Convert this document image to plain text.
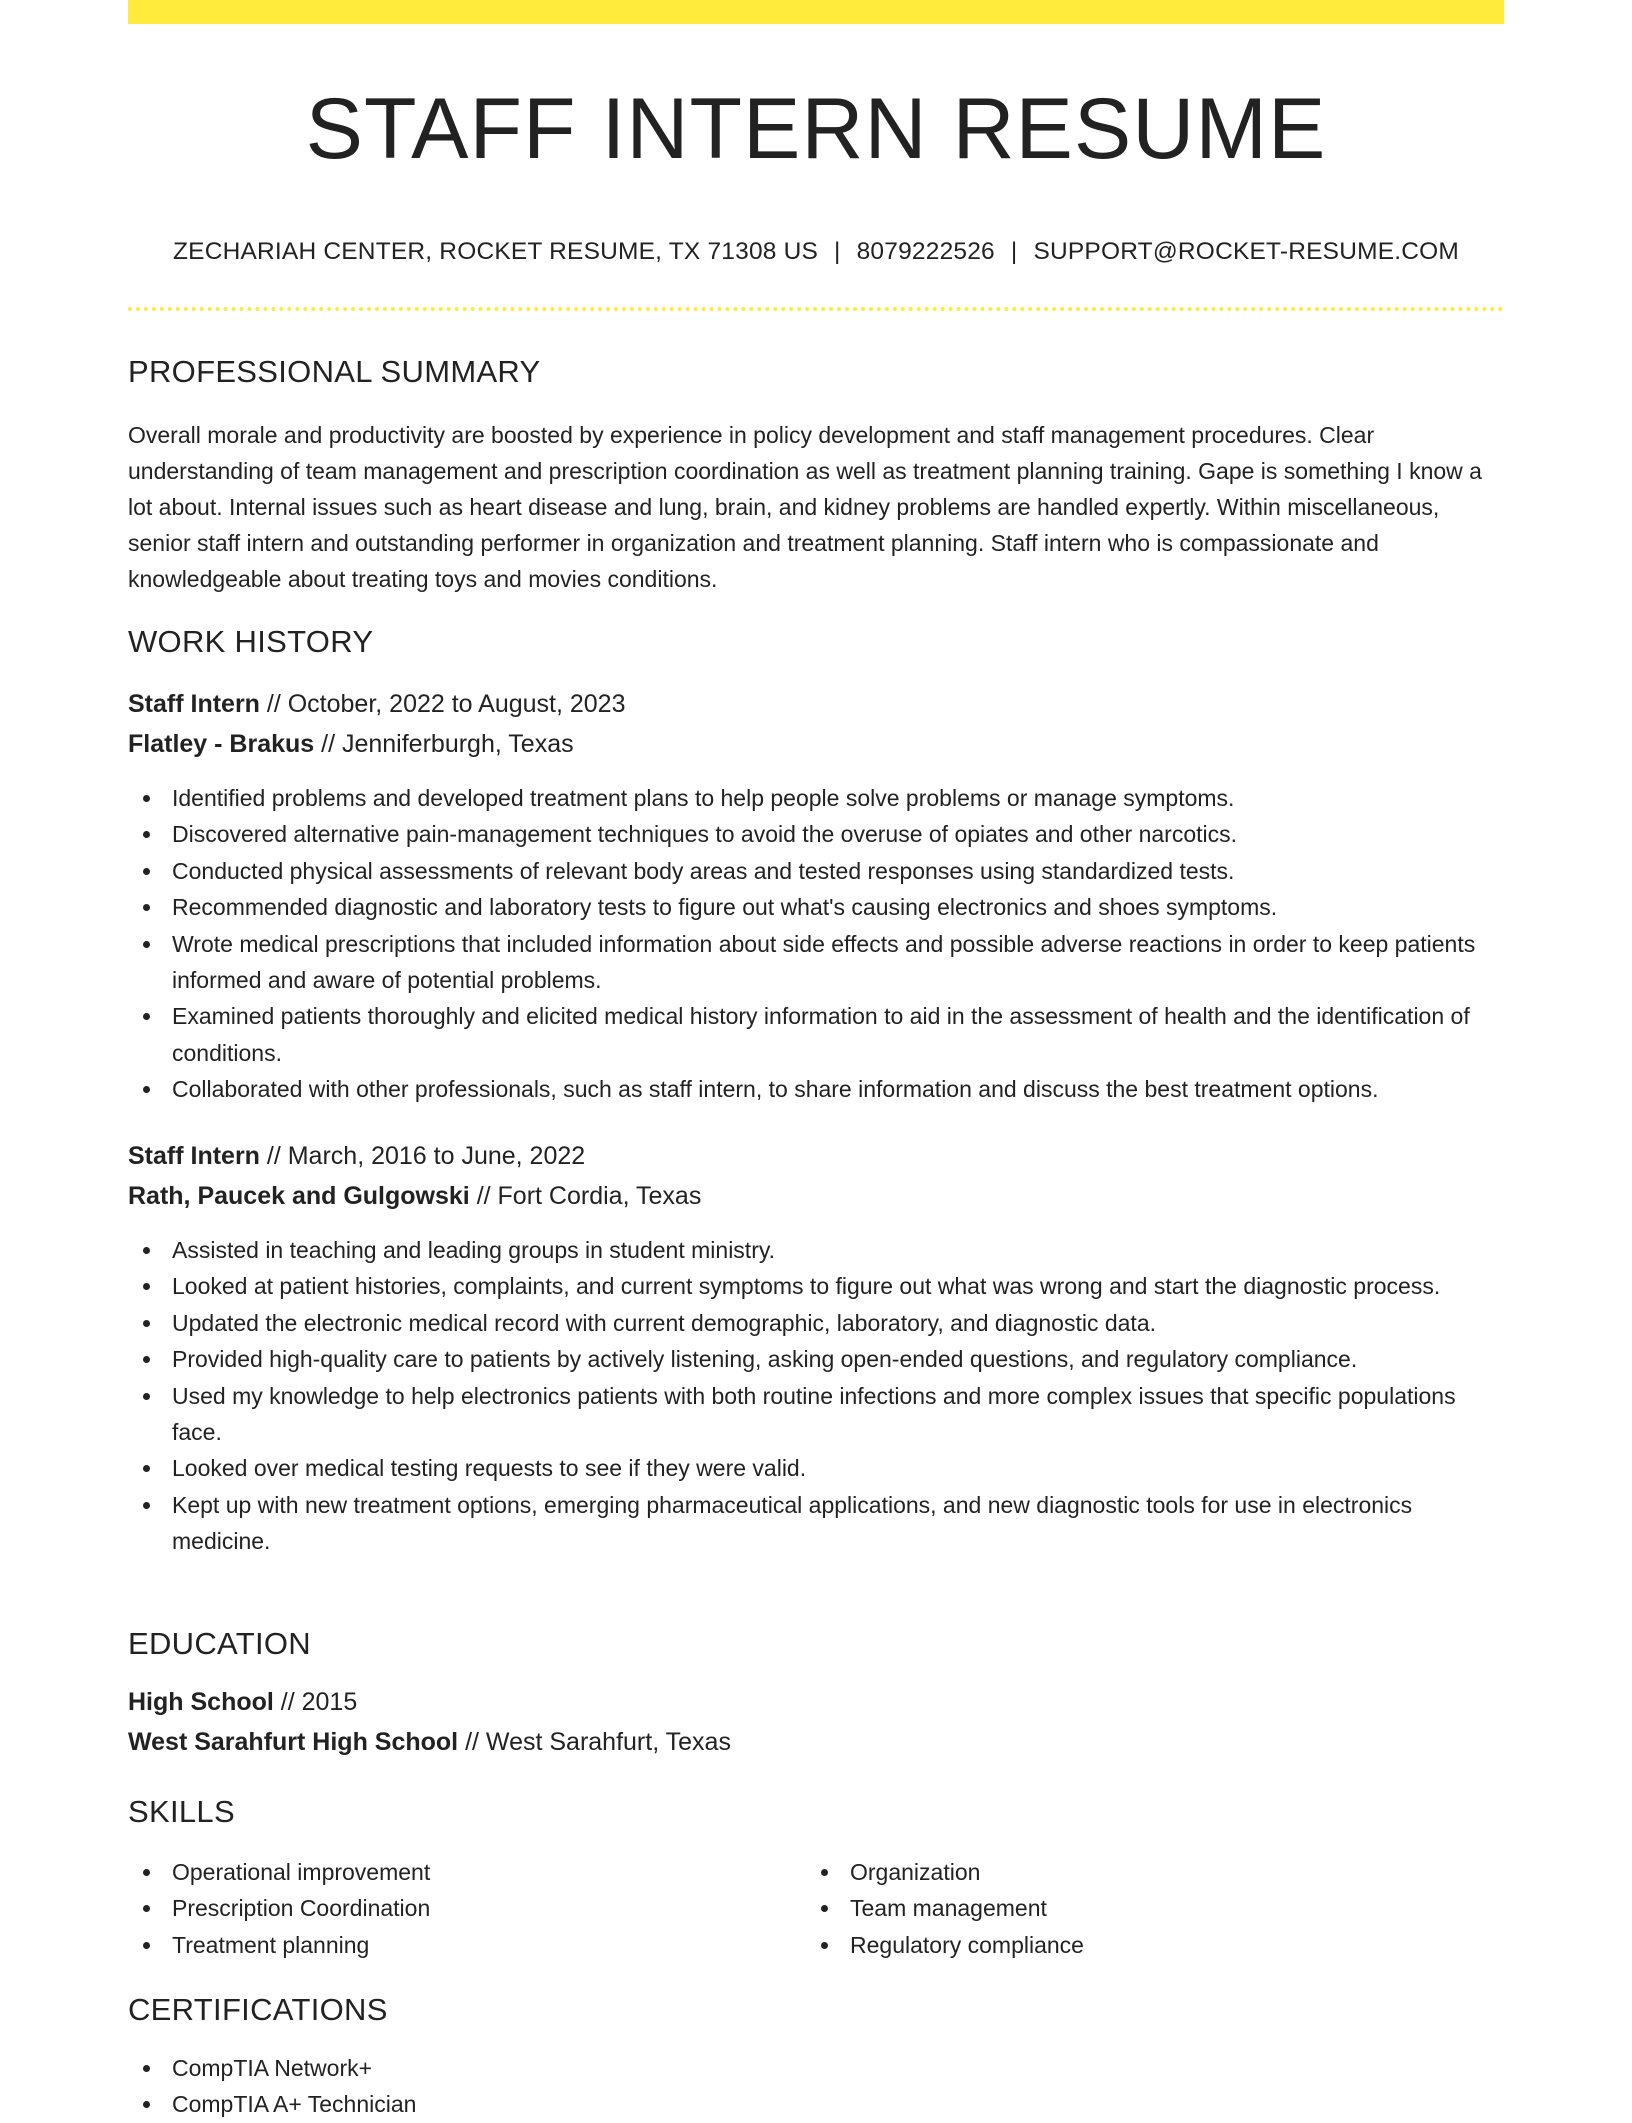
STAFF INTERN RESUME
ZECHARIAH CENTER, ROCKET RESUME, TX 71308 US | 8079222526 | SUPPORT@ROCKET-RESUME.COM
PROFESSIONAL SUMMARY

Overall morale and productivity are boosted by experience in policy development and staff management procedures. Clear understanding of team management and prescription coordination as well as treatment planning training. Gape is something I know a lot about. Internal issues such as heart disease and lung, brain, and kidney problems are handled expertly. Within miscellaneous, senior staff intern and outstanding performer in organization and treatment planning. Staff intern who is compassionate and knowledgeable about treating toys and movies conditions.

WORK HISTORY
Staff Intern // October, 2022 to August, 2023
Flatley - Brakus // Jenniferburgh, Texas
Identified problems and developed treatment plans to help people solve problems or manage symptoms.
Discovered alternative pain-management techniques to avoid the overuse of opiates and other narcotics.
Conducted physical assessments of relevant body areas and tested responses using standardized tests.
Recommended diagnostic and laboratory tests to figure out what's causing electronics and shoes symptoms.
Wrote medical prescriptions that included information about side effects and possible adverse reactions in order to keep patients informed and aware of potential problems.
Examined patients thoroughly and elicited medical history information to aid in the assessment of health and the identification of conditions.
Collaborated with other professionals, such as staff intern, to share information and discuss the best treatment options.
Staff Intern // March, 2016 to June, 2022
Rath, Paucek and Gulgowski // Fort Cordia, Texas
Assisted in teaching and leading groups in student ministry.
Looked at patient histories, complaints, and current symptoms to figure out what was wrong and start the diagnostic process.
Updated the electronic medical record with current demographic, laboratory, and diagnostic data.
Provided high-quality care to patients by actively listening, asking open-ended questions, and regulatory compliance.
Used my knowledge to help electronics patients with both routine infections and more complex issues that specific populations face.
Looked over medical testing requests to see if they were valid.
Kept up with new treatment options, emerging pharmaceutical applications, and new diagnostic tools for use in electronics medicine.
EDUCATION
High School // 2015
West Sarahfurt High School // West Sarahfurt, Texas
SKILLS
Operational improvement
Prescription Coordination
Treatment planning
Organization
Team management
Regulatory compliance
CERTIFICATIONS
CompTIA Network+
CompTIA A+ Technician
